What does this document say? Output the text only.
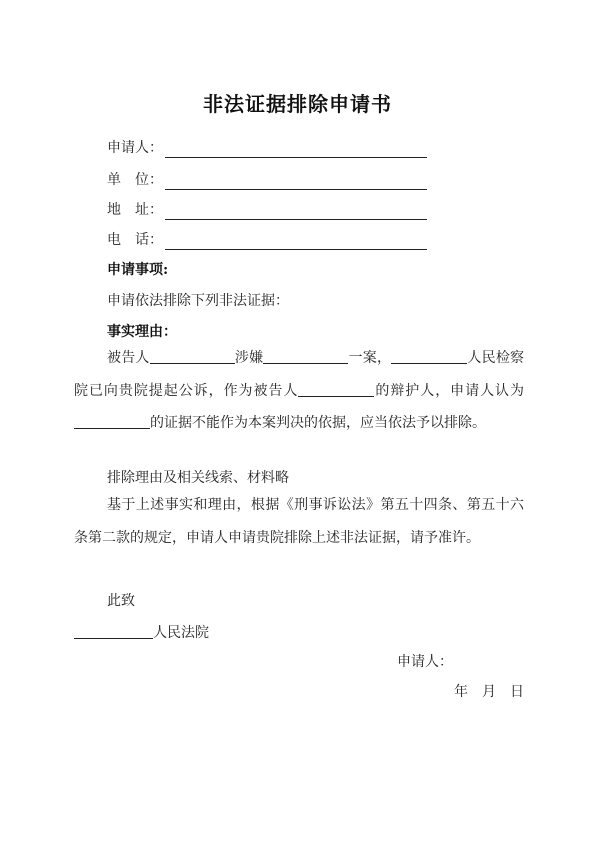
非法证据排除申请书
申请人：
单　位：
地　址：
电　话：
申请事项:
申请依法排除下列非法证据：
事实理由：

被告人	涉嫌	一案，	人民检察院已向贵院提起公诉，作为被告人	的辩护人，申请人认为的证据不能作为本案判决的依据，应当依法予以排除。

排除理由及相关线索、材料略

基于上述事实和理由，根据《刑事诉讼法》第五十四条、第五十六条第二款的规定，申请人申请贵院排除上述非法证据，请予准许。

此致
人民法院
申请人：
年　月　日
